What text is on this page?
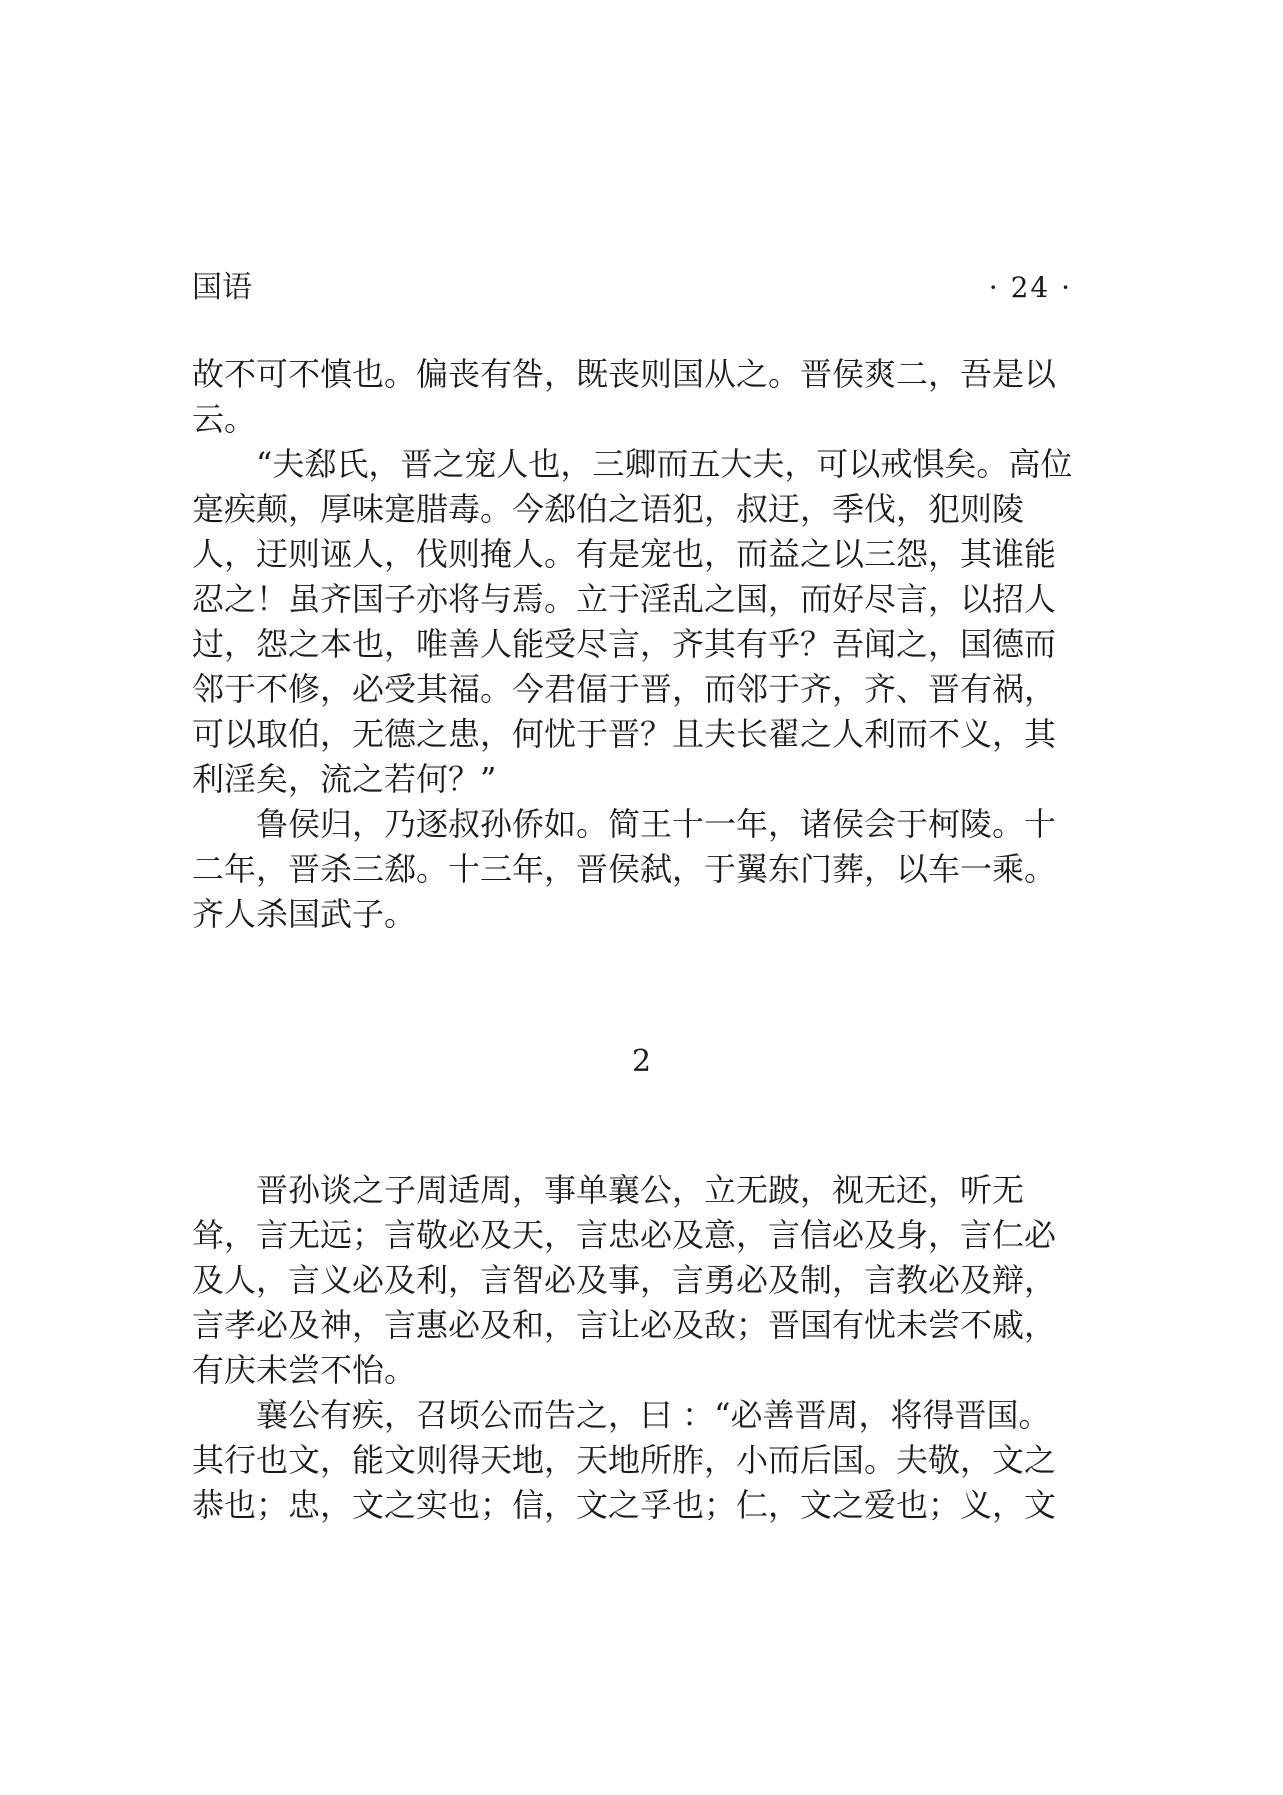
国语	· 24 ·

故不可不慎也。偏丧有咎，既丧则国从之。晋侯爽二，吾是以云。

“夫郄氏，晋之宠人也，三卿而五大夫，可以戒惧矣。高位寔疾颠，厚味寔腊毒。今郄伯之语犯，叔迂，季伐，犯则陵人，迂则诬人，伐则掩人。有是宠也，而益之以三怨，其谁能忍之！虽齐国子亦将与焉。立于淫乱之国，而好尽言，以招人过，怨之本也，唯善人能受尽言，齐其有乎？吾闻之，国德而邻于不修，必受其福。今君偪于晋，而邻于齐，齐、晋有祸，可以取伯，无德之患，何忧于晋？且夫长翟之人利而不义，其利淫矣，流之若何？”

鲁侯归，乃逐叔孙侨如。简王十一年，诸侯会于柯陵。十二年，晋杀三郄。十三年，晋侯弑，于翼东门葬，以车一乘。齐人杀国武子。

2

晋孙谈之子周适周，事单襄公，立无跛，视无还，听无耸，言无远；言敬必及天，言忠必及意，言信必及身，言仁必及人，言义必及利，言智必及事，言勇必及制，言教必及辩，言孝必及神，言惠必及和，言让必及敌；晋国有忧未尝不戚，有庆未尝不怡。

襄公有疾，召顷公而告之，曰 ：“必善晋周，将得晋国。其行也文，能文则得天地，天地所胙，小而后国。夫敬，文之恭也；忠，文之实也；信，文之孚也；仁，文之爱也；义，文
